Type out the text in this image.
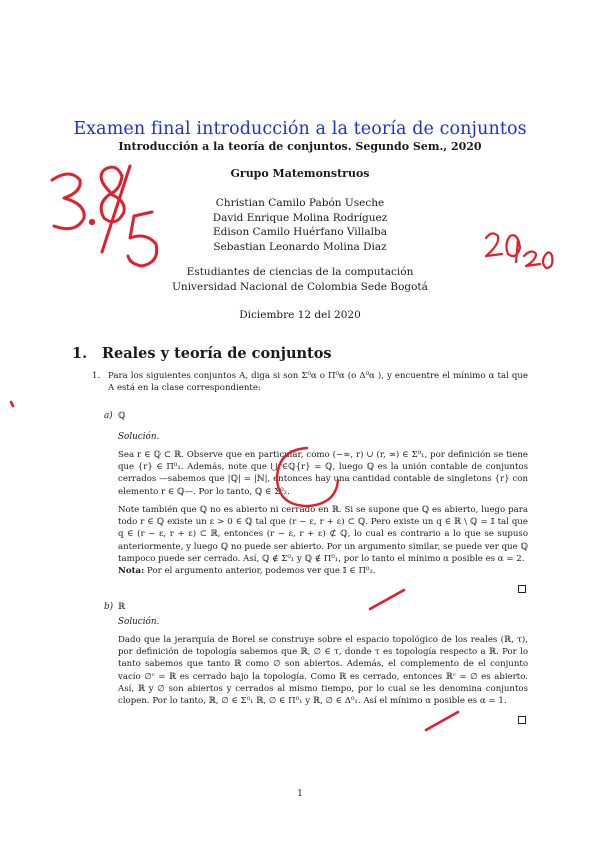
Examen final introducción a la teoría de conjuntos
Introducción a la teoría de conjuntos. Segundo Sem., 2020
Grupo Matemonstruos
Christian Camilo Pabón Useche
David Enrique Molina Rodríguez
Edison Camilo Huérfano Villalba
Sebastian Leonardo Molina Diaz
Estudiantes de ciencias de la computación
Universidad Nacional de Colombia Sede Bogotá
Diciembre 12 del 2020
1. Reales y teoría de conjuntos
1. Para los siguientes conjuntos A, diga si son Σ⁰α o Π⁰α (o Δ⁰α ), y encuentre el mínimo α tal que A está en la clase correspondiente:
a) ℚ
Solución.
Sea r ∈ ℚ ⊂ ℝ. Observe que en particular, como (−∞, r) ∪ (r, ∞) ∈ Σ⁰₁, por definición se tiene que {r} ∈ Π⁰₁. Además, note que ⋃r∈ℚ{r} = ℚ, luego ℚ es la unión contable de conjuntos cerrados —sabemos que |ℚ| = |ℕ|, entonces hay una cantidad contable de singletons {r} con elemento r ∈ ℚ—. Por lo tanto, ℚ ∈ Σ⁰₂.
Note también que ℚ no es abierto ni cerrado en ℝ. Si se supone que ℚ es abierto, luego para todo r ∈ ℚ existe un ε > 0 ∈ ℚ tal que (r − ε, r + ε) ⊂ ℚ. Pero existe un q ∈ ℝ \ ℚ = 𝕀 tal que q ∈ (r − ε, r + ε) ⊂ ℝ, entonces (r − ε, r + ε) ⊄ ℚ, lo cual es contrario a lo que se supuso anteriormente, y luego ℚ no puede ser abierto. Por un argumento similar, se puede ver que ℚ tampoco puede ser cerrado. Así, ℚ ∉ Σ⁰₁ y ℚ ∉ Π⁰₁, por lo tanto el mínimo α posible es α = 2.
Nota: Por el argumento anterior, podemos ver que 𝕀 ∈ Π⁰₂.
b) ℝ
Solución.
Dado que la jerarquía de Borel se construye sobre el espacio topológico de los reales (ℝ, τ), por definición de topología sabemos que ℝ, ∅ ∈ τ, donde τ es topología respecto a ℝ. Por lo tanto sabemos que tanto ℝ como ∅ son abiertos. Además, el complemento de el conjunto vacío ∅ᶜ = ℝ es cerrado bajo la topología. Como ℝ es cerrado, entonces ℝᶜ = ∅ es abierto. Así, ℝ y ∅ son abiertos y cerrados al mismo tiempo, por lo cual se les denomina conjuntos clopen. Por lo tanto, ℝ, ∅ ∈ Σ⁰₁ ℝ, ∅ ∈ Π⁰₁ y ℝ, ∅ ∈ Δ⁰₁. Así el mínimo α posible es α = 1.
1
